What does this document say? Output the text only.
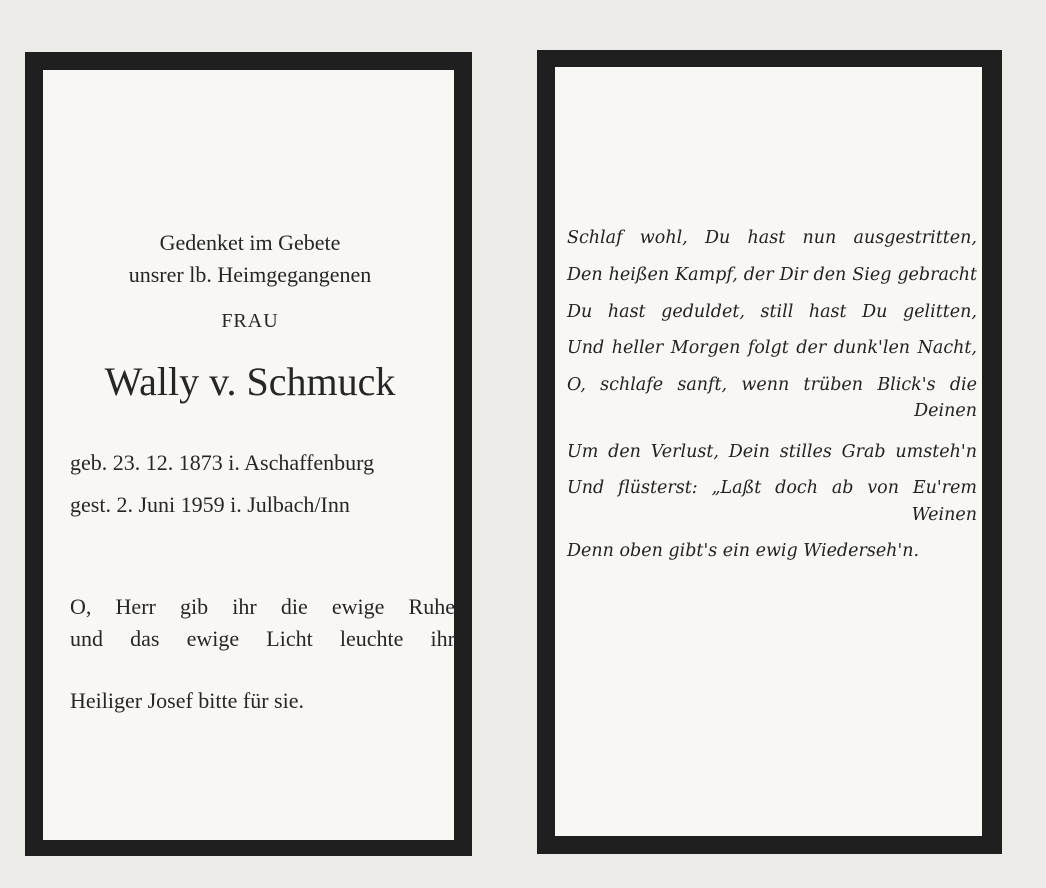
Gedenket im Gebete
unsrer lb. Heimgegangenen
FRAU
Wally v. Schmuck
geb. 23. 12. 1873 i. Aschaffenburg
gest. 2. Juni 1959 i. Julbach/Inn
O, Herr gib ihr die ewige Ruhe
und das ewige Licht leuchte ihr
Heiliger Josef bitte für sie.
Schlaf wohl, Du hast nun ausgestritten,
Den heißen Kampf, der Dir den Sieg gebracht
Du hast geduldet, still hast Du gelitten,
Und heller Morgen folgt der dunk'len Nacht,
O, schlafe sanft, wenn trüben Blick's die
Deinen
Um den Verlust, Dein stilles Grab umsteh'n
Und flüsterst: „Laßt doch ab von Eu'rem
Weinen
Denn oben gibt's ein ewig Wiederseh'n.
